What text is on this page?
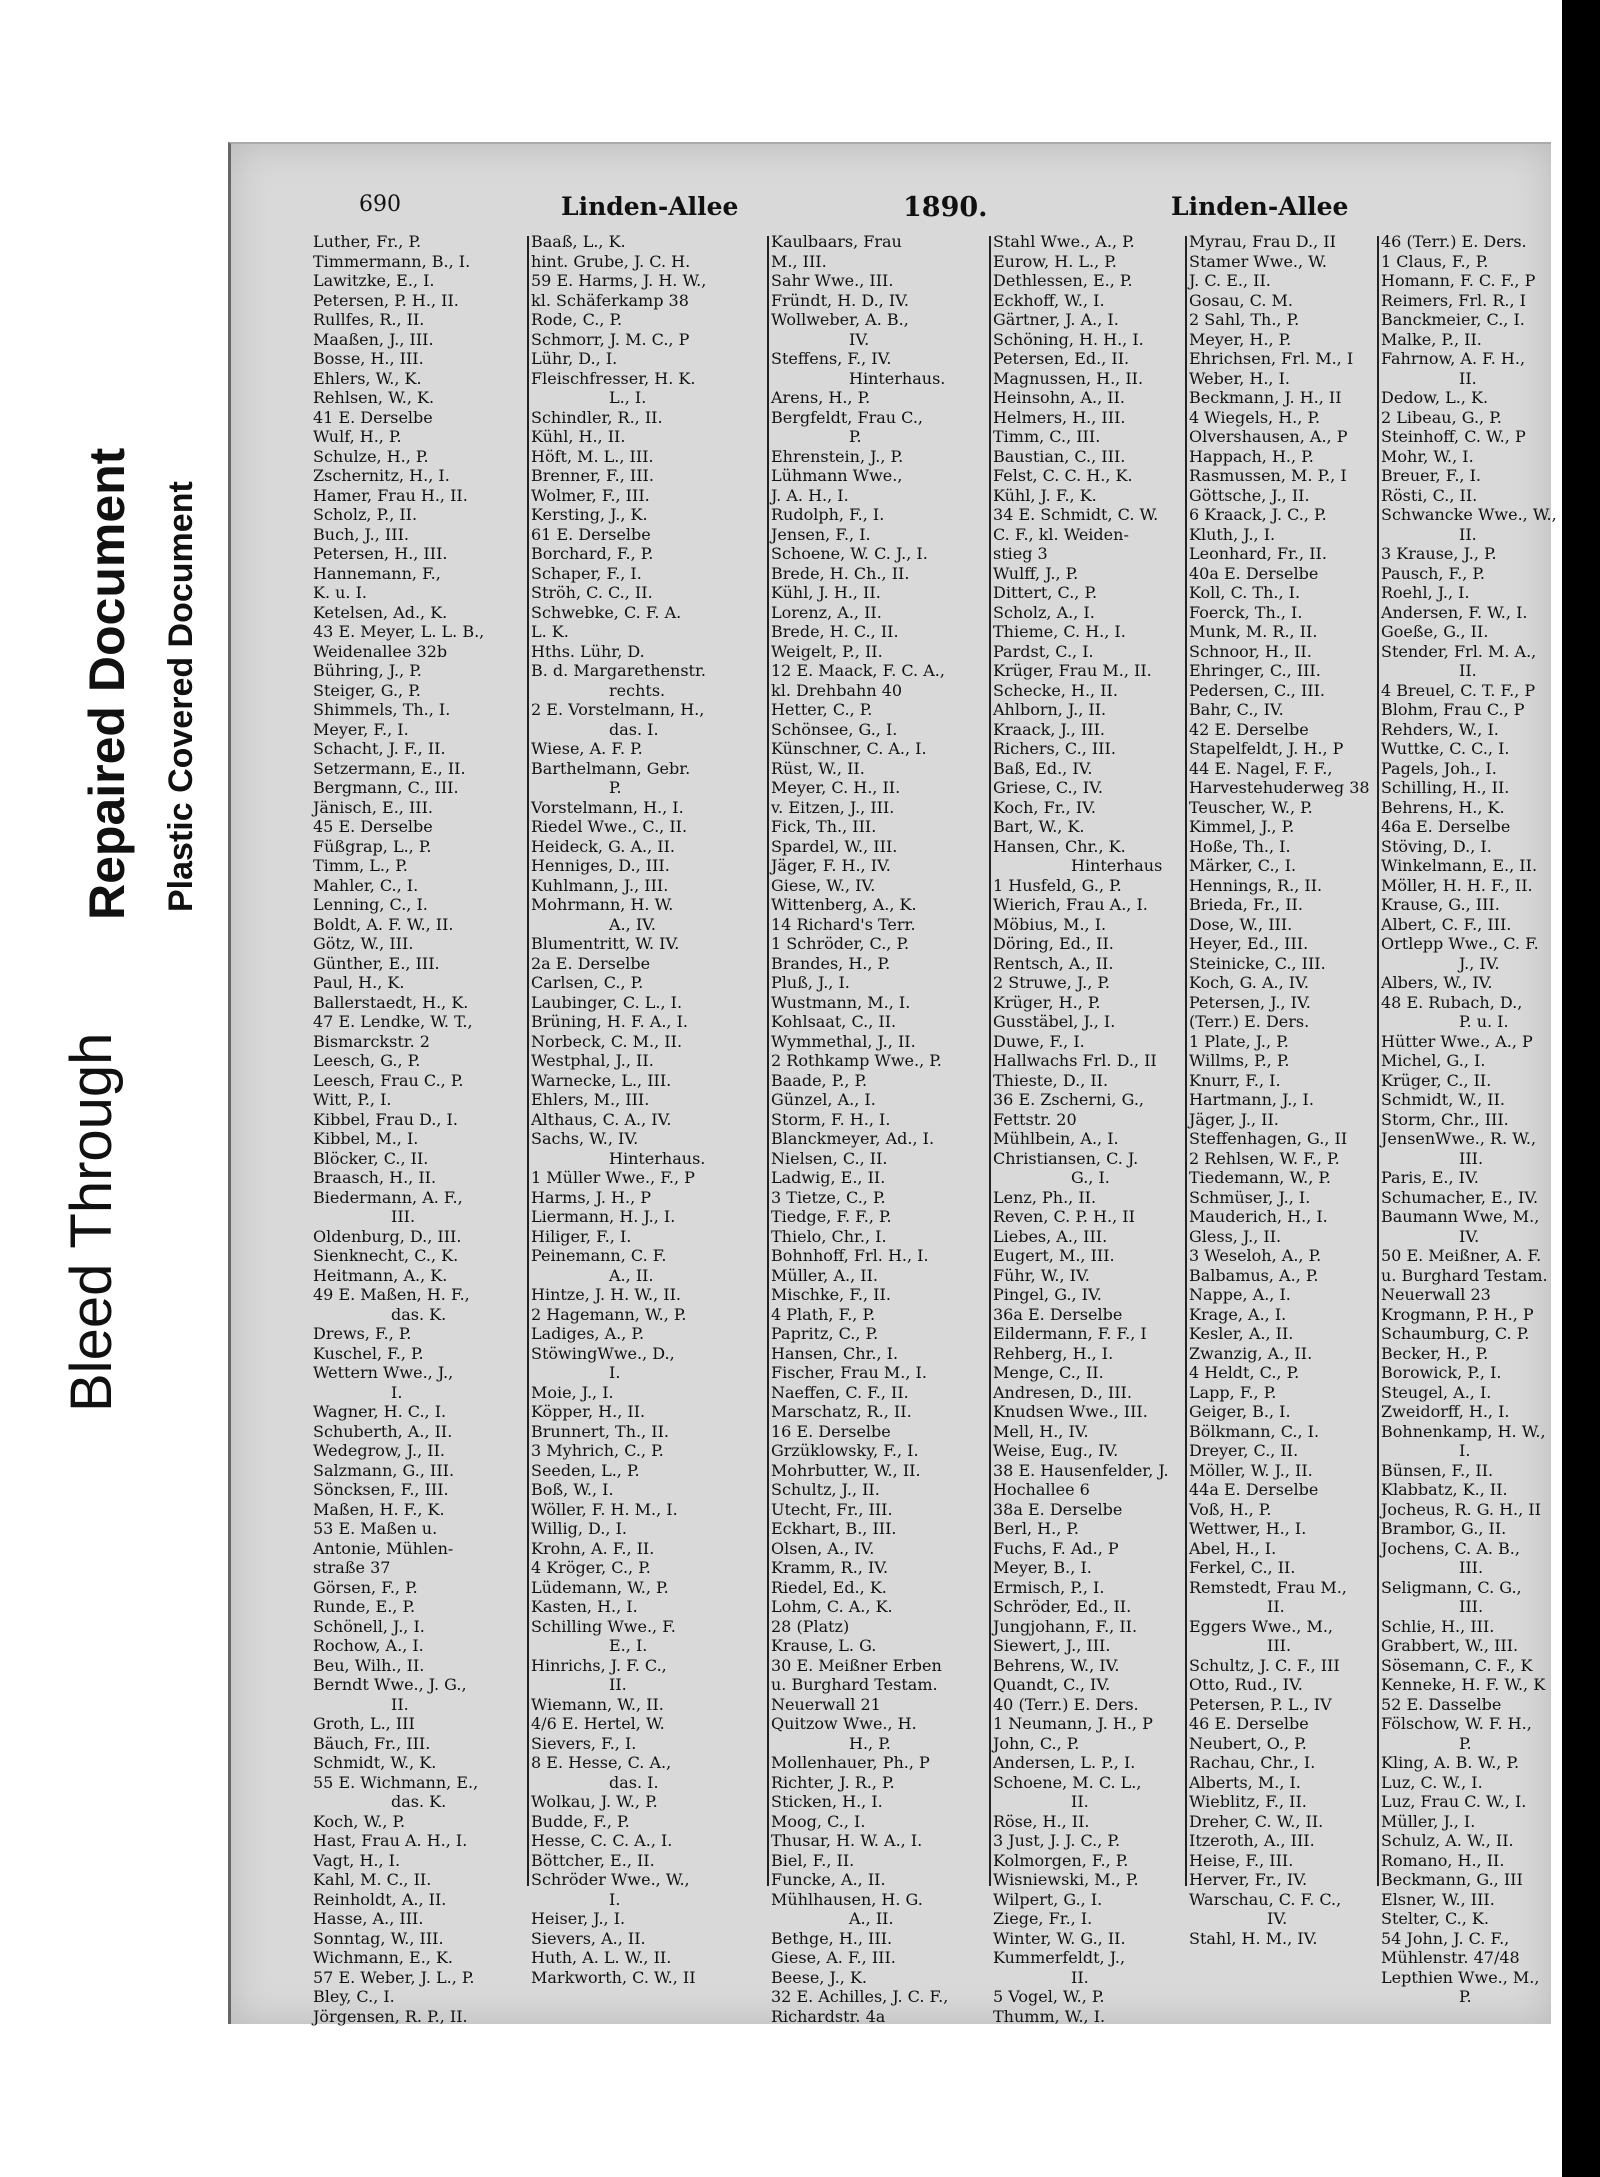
Bleed Through
Repaired Document Plastic Covered Document
690	Linden-Allee	1890.	Linden-Allee
Luther, Fr., P.
Timmermann, B., I.
Lawitzke, E., I.
Petersen, P. H., II.
Rullfes, R., II.
Maaßen, J., III.
Bosse, H., III.
Ehlers, W., K.
Rehlsen, W., K.
41 E. Derselbe
Wulf, H., P.
Schulze, H., P.
Zschernitz, H., I.
Hamer, Frau H., II.
Scholz, P., II.
Buch, J., III.
Petersen, H., III.
Hannemann, F.,
K. u. I.
Ketelsen, Ad., K.
43 E. Meyer, L. L. B.,
Weidenallee 32b
Bühring, J., P.
Steiger, G., P.
Shimmels, Th., I.
Meyer, F., I.
Schacht, J. F., II.
Setzermann, E., II.
Bergmann, C., III.
Jänisch, E., III.
45 E. Derselbe
Füßgrap, L., P.
Timm, L., P.
Mahler, C., I.
Lenning, C., I.
Boldt, A. F. W., II.
Götz, W., III.
Günther, E., III.
Paul, H., K.
Ballerstaedt, H., K.
47 E. Lendke, W. T.,
Bismarckstr. 2
Leesch, G., P.
Leesch, Frau C., P.
Witt, P., I.
Kibbel, Frau D., I.
Kibbel, M., I.
Blöcker, C., II.
Braasch, H., II.
Biedermann, A. F.,
III.
Oldenburg, D., III.
Sienknecht, C., K.
Heitmann, A., K.
49 E. Maßen, H. F.,
das. K.
Drews, F., P.
Kuschel, F., P.
Wettern Wwe., J.,
I.
Wagner, H. C., I.
Schuberth, A., II.
Wedegrow, J., II.
Salzmann, G., III.
Söncksen, F., III.
Maßen, H. F., K.
53 E. Maßen u.
Antonie, Mühlen-
straße 37
Görsen, F., P.
Runde, E., P.
Schönell, J., I.
Rochow, A., I.
Beu, Wilh., II.
Berndt Wwe., J. G.,
II.
Groth, L., III
Bäuch, Fr., III.
Schmidt, W., K.
55 E. Wichmann, E.,
das. K.
Koch, W., P.
Hast, Frau A. H., I.
Vagt, H., I.
Kahl, M. C., II.
Reinholdt, A., II.
Hasse, A., III.
Sonntag, W., III.
Wichmann, E., K.
57 E. Weber, J. L., P.
Bley, C., I.
Jörgensen, R. P., II.
Baaß, L., K.
hint. Grube, J. C. H.
59 E. Harms, J. H. W.,
kl. Schäferkamp 38
Rode, C., P.
Schmorr, J. M. C., P
Lühr, D., I.
Fleischfresser, H. K.
L., I.
Schindler, R., II.
Kühl, H., II.
Höft, M. L., III.
Brenner, F., III.
Wolmer, F., III.
Kersting, J., K.
61 E. Derselbe
Borchard, F., P.
Schaper, F., I.
Ströh, C. C., II.
Schwebke, C. F. A.
L. K.
Hths. Lühr, D.
B. d. Margarethenstr.
rechts.
2 E. Vorstelmann, H.,
das. I.
Wiese, A. F. P.
Barthelmann, Gebr.
P.
Vorstelmann, H., I.
Riedel Wwe., C., II.
Heideck, G. A., II.
Henniges, D., III.
Kuhlmann, J., III.
Mohrmann, H. W.
A., IV.
Blumentritt, W. IV.
2a E. Derselbe
Carlsen, C., P.
Laubinger, C. L., I.
Brüning, H. F. A., I.
Norbeck, C. M., II.
Westphal, J., II.
Warnecke, L., III.
Ehlers, M., III.
Althaus, C. A., IV.
Sachs, W., IV.
Hinterhaus.
1 Müller Wwe., F., P
Harms, J. H., P
Liermann, H. J., I.
Hiliger, F., I.
Peinemann, C. F.
A., II.
Hintze, J. H. W., II.
2 Hagemann, W., P.
Ladiges, A., P.
StöwingWwe., D.,
I.
Moie, J., I.
Köpper, H., II.
Brunnert, Th., II.
3 Myhrich, C., P.
Seeden, L., P.
Boß, W., I.
Wöller, F. H. M., I.
Willig, D., I.
Krohn, A. F., II.
4 Kröger, C., P.
Lüdemann, W., P.
Kasten, H., I.
Schilling Wwe., F.
E., I.
Hinrichs, J. F. C.,
II.
Wiemann, W., II.
4/6 E. Hertel, W.
Sievers, F., I.
8 E. Hesse, C. A.,
das. I.
Wolkau, J. W., P.
Budde, F., P.
Hesse, C. C. A., I.
Böttcher, E., II.
Schröder Wwe., W.,
I.
Heiser, J., I.
Sievers, A., II.
Huth, A. L. W., II.
Markworth, C. W., II
Kaulbaars, Frau
M., III.
Sahr Wwe., III.
Fründt, H. D., IV.
Wollweber, A. B.,
IV.
Steffens, F., IV.
Hinterhaus.
Arens, H., P.
Bergfeldt, Frau C.,
P.
Ehrenstein, J., P.
Lühmann Wwe.,
J. A. H., I.
Rudolph, F., I.
Jensen, F., I.
Schoene, W. C. J., I.
Brede, H. Ch., II.
Kühl, J. H., II.
Lorenz, A., II.
Brede, H. C., II.
Weigelt, P., II.
12 E. Maack, F. C. A.,
kl. Drehbahn 40
Hetter, C., P.
Schönsee, G., I.
Künschner, C. A., I.
Rüst, W., II.
Meyer, C. H., II.
v. Eitzen, J., III.
Fick, Th., III.
Spardel, W., III.
Jäger, F. H., IV.
Giese, W., IV.
Wittenberg, A., K.
14 Richard's Terr.
1 Schröder, C., P.
Brandes, H., P.
Pluß, J., I.
Wustmann, M., I.
Kohlsaat, C., II.
Wymmethal, J., II.
2 Rothkamp Wwe., P.
Baade, P., P.
Günzel, A., I.
Storm, F. H., I.
Blanckmeyer, Ad., I.
Nielsen, C., II.
Ladwig, E., II.
3 Tietze, C., P.
Tiedge, F. F., P.
Thielo, Chr., I.
Bohnhoff, Frl. H., I.
Müller, A., II.
Mischke, F., II.
4 Plath, F., P.
Papritz, C., P.
Hansen, Chr., I.
Fischer, Frau M., I.
Naeffen, C. F., II.
Marschatz, R., II.
16 E. Derselbe
Grzüklowsky, F., I.
Mohrbutter, W., II.
Schultz, J., II.
Utecht, Fr., III.
Eckhart, B., III.
Olsen, A., IV.
Kramm, R., IV.
Riedel, Ed., K.
Lohm, C. A., K.
28 (Platz)
Krause, L. G.
30 E. Meißner Erben
u. Burghard Testam.
Neuerwall 21
Quitzow Wwe., H.
H., P.
Mollenhauer, Ph., P
Richter, J. R., P.
Sticken, H., I.
Moog, C., I.
Thusar, H. W. A., I.
Biel, F., II.
Funcke, A., II.
Mühlhausen, H. G.
A., II.
Bethge, H., III.
Giese, A. F., III.
Beese, J., K.
32 E. Achilles, J. C. F.,
Richardstr. 4a
Stahl Wwe., A., P.
Eurow, H. L., P.
Dethlessen, E., P.
Eckhoff, W., I.
Gärtner, J. A., I.
Schöning, H. H., I.
Petersen, Ed., II.
Magnussen, H., II.
Heinsohn, A., II.
Helmers, H., III.
Timm, C., III.
Baustian, C., III.
Felst, C. C. H., K.
Kühl, J. F., K.
34 E. Schmidt, C. W.
C. F., kl. Weiden-
stieg 3
Wulff, J., P.
Dittert, C., P.
Scholz, A., I.
Thieme, C. H., I.
Pardst, C., I.
Krüger, Frau M., II.
Schecke, H., II.
Ahlborn, J., II.
Kraack, J., III.
Richers, C., III.
Baß, Ed., IV.
Griese, C., IV.
Koch, Fr., IV.
Bart, W., K.
Hansen, Chr., K.
Hinterhaus
1 Husfeld, G., P.
Wierich, Frau A., I.
Möbius, M., I.
Döring, Ed., II.
Rentsch, A., II.
2 Struwe, J., P.
Krüger, H., P.
Gusstäbel, J., I.
Duwe, F., I.
Hallwachs Frl. D., II
Thieste, D., II.
36 E. Zscherni, G.,
Fettstr. 20
Mühlbein, A., I.
Christiansen, C. J.
G., I.
Lenz, Ph., II.
Reven, C. P. H., II
Liebes, A., III.
Eugert, M., III.
Führ, W., IV.
Pingel, G., IV.
36a E. Derselbe
Eildermann, F. F., I
Rehberg, H., I.
Menge, C., II.
Andresen, D., III.
Knudsen Wwe., III.
Mell, H., IV.
Weise, Eug., IV.
38 E. Hausenfelder, J.
Hochallee 6
38a E. Derselbe
Berl, H., P.
Fuchs, F. Ad., P
Meyer, B., I.
Ermisch, P., I.
Schröder, Ed., II.
Jungjohann, F., II.
Siewert, J., III.
Behrens, W., IV.
Quandt, C., IV.
40 (Terr.) E. Ders.
1 Neumann, J. H., P
John, C., P.
Andersen, L. P., I.
Schoene, M. C. L.,
II.
Röse, H., II.
3 Just, J. J. C., P.
Kolmorgen, F., P.
Wisniewski, M., P.
Wilpert, G., I.
Ziege, Fr., I.
Winter, W. G., II.
Kummerfeldt, J.,
II.
5 Vogel, W., P.
Thumm, W., I.
Myrau, Frau D., II
Stamer Wwe., W.
J. C. E., II.
Gosau, C. M.
2 Sahl, Th., P.
Meyer, H., P.
Ehrichsen, Frl. M., I
Weber, H., I.
Beckmann, J. H., II
4 Wiegels, H., P.
Olvershausen, A., P
Happach, H., P.
Rasmussen, M. P., I
Göttsche, J., II.
6 Kraack, J. C., P.
Kluth, J., I.
Leonhard, Fr., II.
40a E. Derselbe
Koll, C. Th., I.
Foerck, Th., I.
Munk, M. R., II.
Schnoor, H., II.
Ehringer, C., III.
Pedersen, C., III.
Bahr, C., IV.
42 E. Derselbe
Stapelfeldt, J. H., P
44 E. Nagel, F. F.,
Harvestehuderweg 38
Teuscher, W., P.
Kimmel, J., P.
Hoße, Th., I.
Märker, C., I.
Hennings, R., II.
Brieda, Fr., II.
Dose, W., III.
Heyer, Ed., III.
Steinicke, C., III.
Koch, G. A., IV.
Petersen, J., IV.
(Terr.) E. Ders.
1 Plate, J., P.
Willms, P., P.
Knurr, F., I.
Hartmann, J., I.
Jäger, J., II.
Steffenhagen, G., II
2 Rehlsen, W. F., P.
Tiedemann, W., P.
Schmüser, J., I.
Mauderich, H., I.
Gless, J., II.
3 Weseloh, A., P.
Balbamus, A., P.
Nappe, A., I.
Krage, A., I.
Kesler, A., II.
Zwanzig, A., II.
4 Heldt, C., P.
Lapp, F., P.
Geiger, B., I.
Bölkmann, C., I.
Dreyer, C., II.
Möller, W. J., II.
44a E. Derselbe
Voß, H., P.
Wettwer, H., I.
Abel, H., I.
Ferkel, C., II.
Remstedt, Frau M.,
II.
Eggers Wwe., M.,
III.
Schultz, J. C. F., III
Otto, Rud., IV.
Petersen, P. L., IV
46 E. Derselbe
Neubert, O., P.
Rachau, Chr., I.
Alberts, M., I.
Wieblitz, F., II.
Dreher, C. W., II.
Itzeroth, A., III.
Heise, F., III.
Herver, Fr., IV.
Warschau, C. F. C.,
IV.
Stahl, H. M., IV.
46 (Terr.) E. Ders.
1 Claus, F., P.
Homann, F. C. F., P
Reimers, Frl. R., I
Banckmeier, C., I.
Malke, P., II.
Fahrnow, A. F. H.,
II.
Dedow, L., K.
2 Libeau, G., P.
Steinhoff, C. W., P
Mohr, W., I.
Breuer, F., I.
Rösti, C., II.
Schwancke Wwe., W.,
II.
3 Krause, J., P.
Pausch, F., P.
Roehl, J., I.
Andersen, F. W., I.
Goeße, G., II.
Stender, Frl. M. A.,
II.
4 Breuel, C. T. F., P
Blohm, Frau C., P
Rehders, W., I.
Wuttke, C. C., I.
Pagels, Joh., I.
Schilling, H., II.
Behrens, H., K.
46a E. Derselbe
Stöving, D., I.
Winkelmann, E., II.
Möller, H. H. F., II.
Krause, G., III.
Albert, C. F., III.
Ortlepp Wwe., C. F.
J., IV.
Albers, W., IV.
48 E. Rubach, D.,
P. u. I.
Hütter Wwe., A., P
Michel, G., I.
Krüger, C., II.
Schmidt, W., II.
Storm, Chr., III.
JensenWwe., R. W.,
III.
Paris, E., IV.
Schumacher, E., IV.
Baumann Wwe, M.,
IV.
50 E. Meißner, A. F.
u. Burghard Testam.
Neuerwall 23
Krogmann, P. H., P
Schaumburg, C. P.
Becker, H., P.
Borowick, P., I.
Steugel, A., I.
Zweidorff, H., I.
Bohnenkamp, H. W.,
I.
Bünsen, F., II.
Klabbatz, K., II.
Jocheus, R. G. H., II
Brambor, G., II.
Jochens, C. A. B.,
III.
Seligmann, C. G.,
III.
Schlie, H., III.
Grabbert, W., III.
Sösemann, C. F., K
Kenneke, H. F. W., K
52 E. Dasselbe
Fölschow, W. F. H.,
P.
Kling, A. B. W., P.
Luz, C. W., I.
Luz, Frau C. W., I.
Müller, J., I.
Schulz, A. W., II.
Romano, H., II.
Beckmann, G., III
Elsner, W., III.
Stelter, C., K.
54 John, J. C. F.,
Mühlenstr. 47/48
Lepthien Wwe., M.,
P.
